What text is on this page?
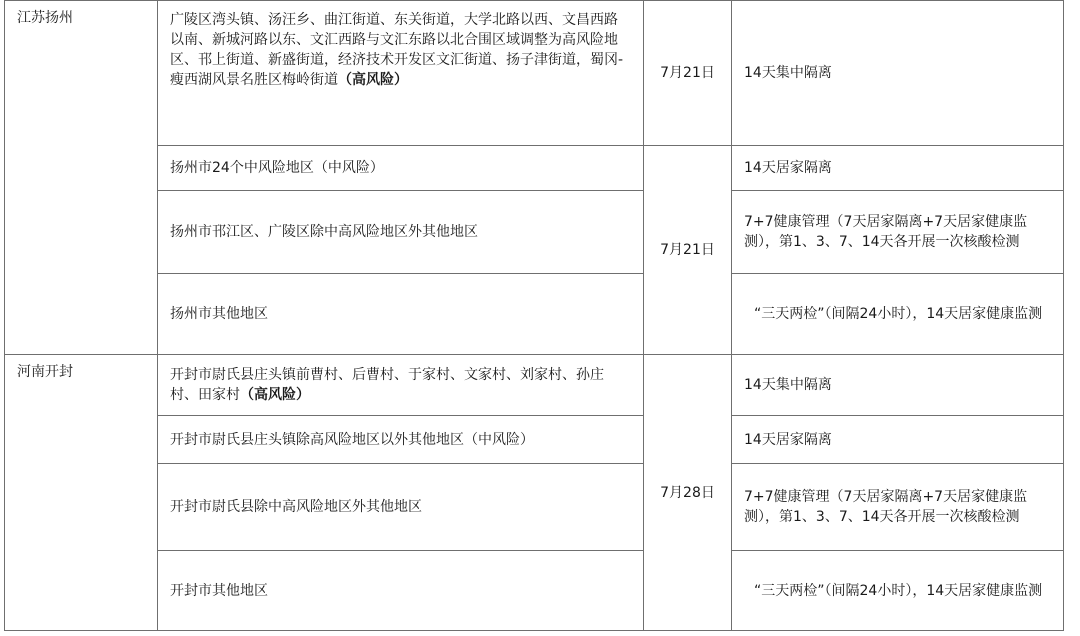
江苏扬州	广陵区湾头镇、汤汪乡、曲江街道、东关街道，大学北路以西、文昌西路以南、新城河路以东、文汇西路与文汇东路以北合围区域调整为高风险地区、邗上街道、新盛街道，经济技术开发区文汇街道、扬子津街道，蜀冈-瘦西湖风景名胜区梅岭街道（高风险）	7月21日	14天集中隔离
	扬州市24个中风险地区（中风险）	7月21日	14天居家隔离
	扬州市邗江区、广陵区除中高风险地区外其他地区		7+7健康管理（7天居家隔离+7天居家健康监测），第1、3、7、14天各开展一次核酸检测
	扬州市其他地区		“三天两检”（间隔24小时），14天居家健康监测

河南开封	开封市尉氏县庄头镇前曹村、后曹村、于家村、文家村、刘家村、孙庄村、田家村（高风险）	7月28日	14天集中隔离
	开封市尉氏县庄头镇除高风险地区以外其他地区（中风险）		14天居家隔离
	开封市尉氏县除中高风险地区外其他地区		7+7健康管理（7天居家隔离+7天居家健康监测），第1、3、7、14天各开展一次核酸检测
	开封市其他地区		“三天两检”（间隔24小时），14天居家健康监测
